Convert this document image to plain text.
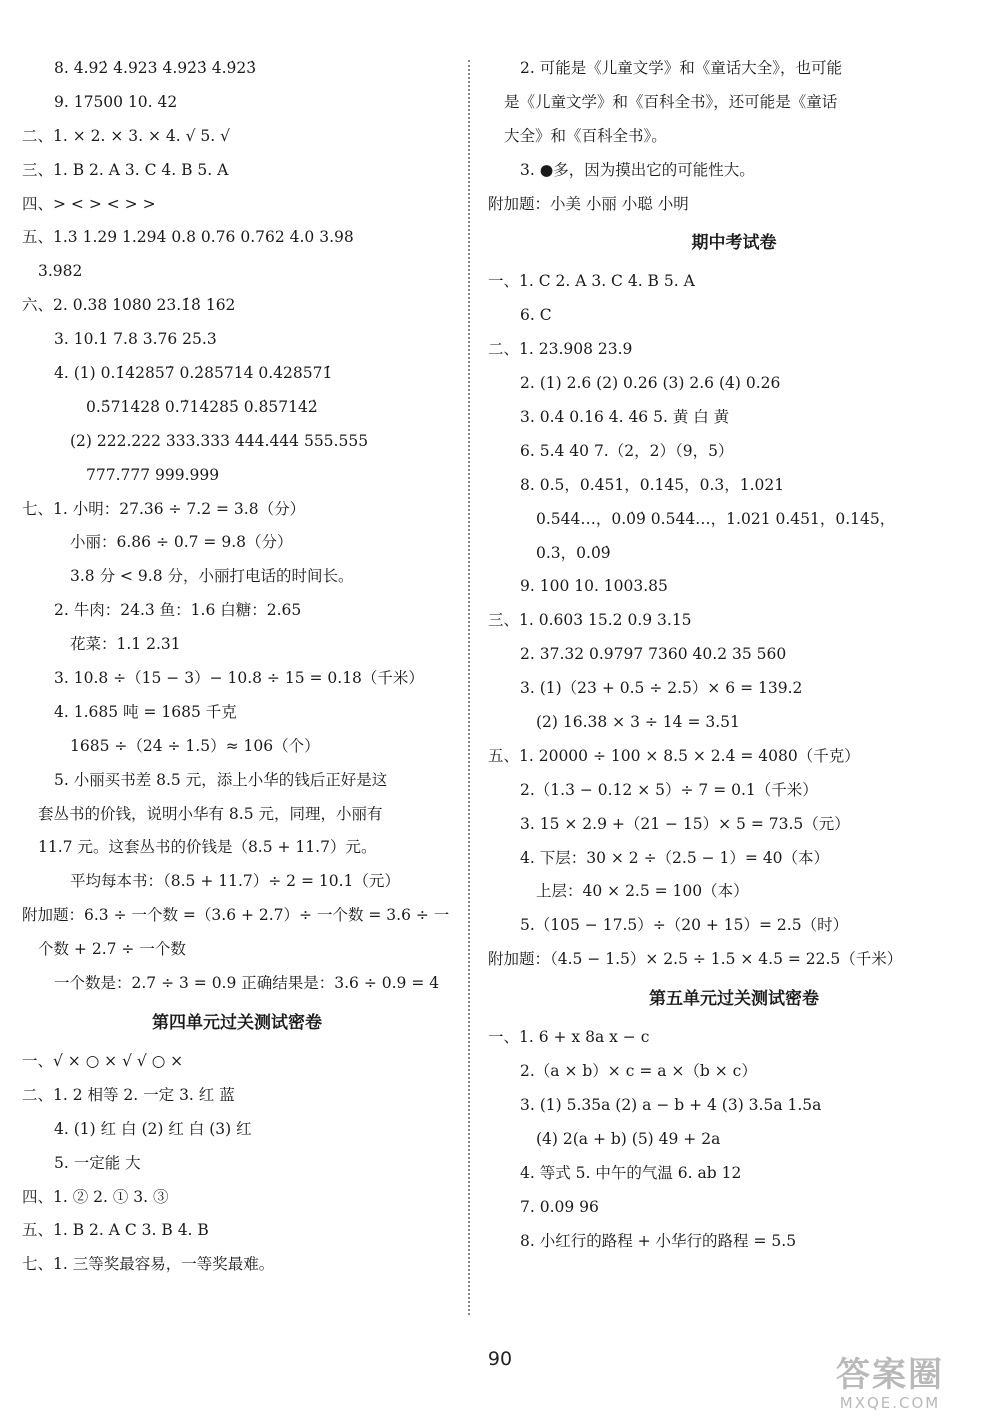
8. 4.92̇ 4.923 4.92̇3̇ 4.9̇23̇
9. 17500 10. 42
二、1. × 2. × 3. × 4. √ 5. √
三、1. B 2. A 3. C 4. B 5. A
四、> < > < > >
五、1.3 1.29 1.294 0.8 0.76 0.762 4.0 3.98
3.982
六、2. 0.38 1080 23.1̇8̇ 162
3. 10.1 7.8 3.76 25.3
4. (1) 0.1̇42857̇ 0.2̇85714̇ 0.4̇28571̇
0.5̇71428̇ 0.7̇14285̇ 0.8̇57142̇
(2) 222.222 333.333 444.444 555.555
777.777 999.999
七、1. 小明：27.36 ÷ 7.2 = 3.8（分）
小丽：6.86 ÷ 0.7 = 9.8（分）
3.8 分 < 9.8 分，小丽打电话的时间长。
2. 牛肉：24.3 鱼：1.6 白糖：2.65
花菜：1.1 2.31
3. 10.8 ÷（15 − 3）− 10.8 ÷ 15 = 0.18（千米）
4. 1.685 吨 = 1685 千克
1685 ÷（24 ÷ 1.5）≈ 106（个）
5. 小丽买书差 8.5 元，添上小华的钱后正好是这
套丛书的价钱，说明小华有 8.5 元，同理，小丽有
11.7 元。这套丛书的价钱是（8.5 + 11.7）元。
平均每本书：（8.5 + 11.7）÷ 2 = 10.1（元）
附加题：6.3 ÷ 一个数 =（3.6 + 2.7）÷ 一个数 = 3.6 ÷ 一
个数 + 2.7 ÷ 一个数
一个数是：2.7 ÷ 3 = 0.9 正确结果是：3.6 ÷ 0.9 = 4
第四单元过关测试密卷
一、√ × ○ × √ √ ○ ×
二、1. 2 相等 2. 一定 3. 红 蓝
4. (1) 红 白 (2) 红 白 (3) 红
5. 一定能 大
四、1. ② 2. ① 3. ③
五、1. B 2. A C 3. B 4. B
七、1. 三等奖最容易，一等奖最难。
2. 可能是《儿童文学》和《童话大全》，也可能
是《儿童文学》和《百科全书》，还可能是《童话
大全》和《百科全书》。
3. ●多，因为摸出它的可能性大。
附加题：小美 小丽 小聪 小明
期中考试卷
一、1. C 2. A 3. C 4. B 5. A
6. C
二、1. 23.908 23.9
2. (1) 2.6 (2) 0.26 (3) 2.6 (4) 0.26
3. 0.4 0.16 4. 46 5. 黄 白 黄
6. 5.4 40 7.（2，2）（9，5）
8. 0.5，0.451，0.145，0.3，1.021
0.544…，0.0̇9̇ 0.544…，1.021 0.451，0.145，
0.3，0.0̇9̇
9. 100 10. 1003.85
三、1. 0.603 15.2 0.9 3.15
2. 37.32 0.9797 7360 40.2 35 560
3. (1)（23 + 0.5 ÷ 2.5）× 6 = 139.2
(2) 16.38 × 3 ÷ 14 = 3.51
五、1. 20000 ÷ 100 × 8.5 × 2.4 = 4080（千克）
2.（1.3 − 0.12 × 5）÷ 7 = 0.1（千米）
3. 15 × 2.9 +（21 − 15）× 5 = 73.5（元）
4. 下层：30 × 2 ÷（2.5 − 1）= 40（本）
上层：40 × 2.5 = 100（本）
5.（105 − 17.5）÷（20 + 15）= 2.5（时）
附加题：（4.5 − 1.5）× 2.5 ÷ 1.5 × 4.5 = 22.5（千米）
第五单元过关测试密卷
一、1. 6 + x 8a x − c
2.（a × b）× c = a ×（b × c）
3. (1) 5.35a (2) a − b + 4 (3) 3.5a 1.5a
(4) 2(a + b) (5) 49 + 2a
4. 等式 5. 中午的气温 6. ab 12
7. 0.09 96
8. 小红行的路程 + 小华行的路程 = 5.5
90	答案圈
MXQE.COM
